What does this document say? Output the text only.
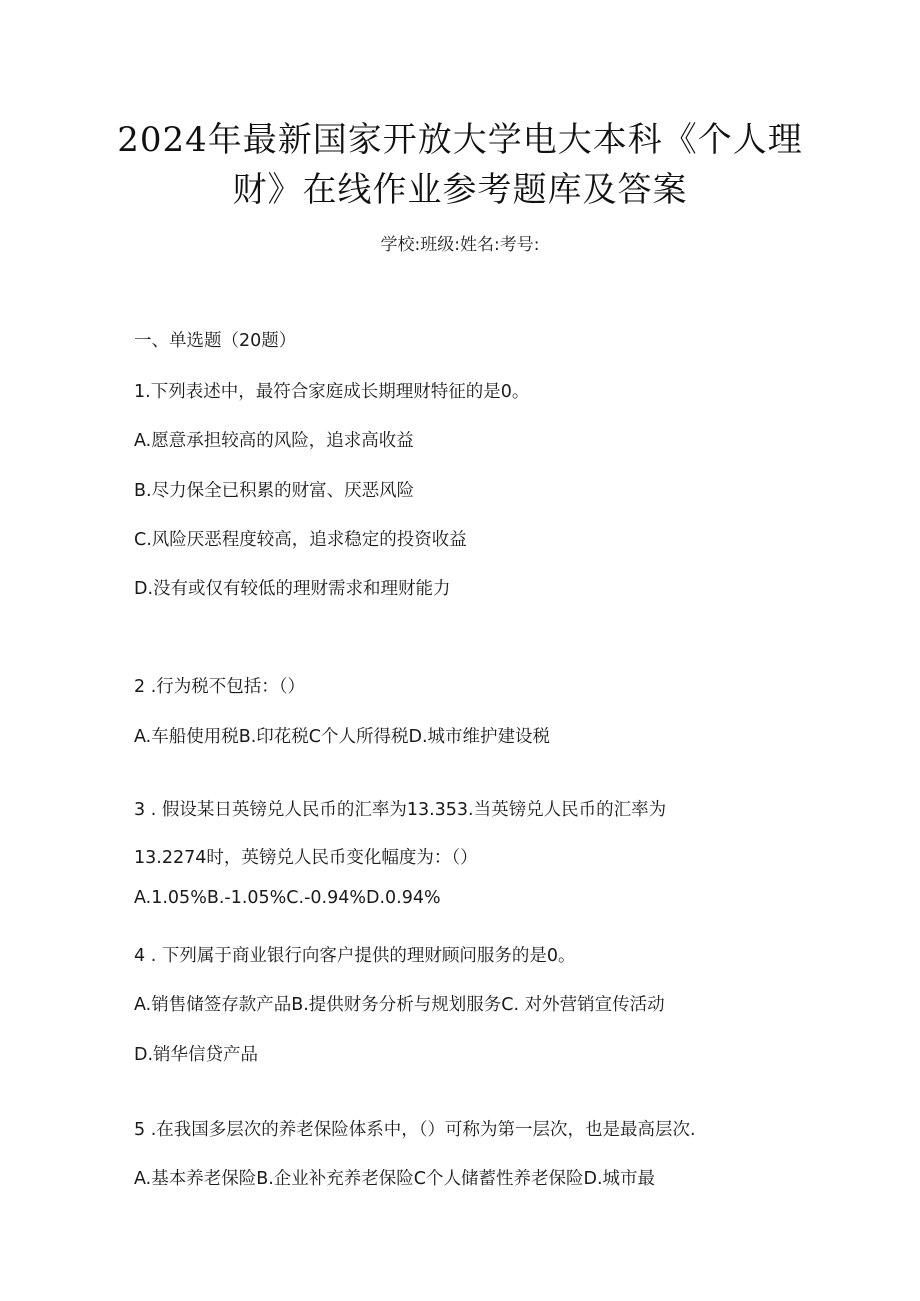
2024年最新国家开放大学电大本科《个人理
财》在线作业参考题库及答案
学校:班级:姓名:考号:
一、单选题（20题）
1.下列表述中，最符合家庭成长期理财特征的是0。
A.愿意承担较高的风险，追求高收益
B.尽力保全已积累的财富、厌恶风险
C.风险厌恶程度较高，追求稳定的投资收益
D.没有或仅有较低的理财需求和理财能力
2 .行为税不包括：（）
A.车船使用税B.印花税C个人所得税D.城市维护建设税
3 . 假设某日英镑兑人民币的汇率为13.353.当英镑兑人民币的汇率为
13.2274时，英镑兑人民币变化幅度为：（）
A.1.05%B.-1.05%C.-0.94%D.0.94%
4 . 下列属于商业银行向客户提供的理财顾问服务的是0。
A.销售储签存款产品B.提供财务分析与规划服务C. 对外营销宣传活动
D.销华信贷产品
5 .在我国多层次的养老保险体系中，（）可称为第一层次，也是最高层次.
A.基本养老保险B.企业补充养老保险C个人储蓄性养老保险D.城市最
